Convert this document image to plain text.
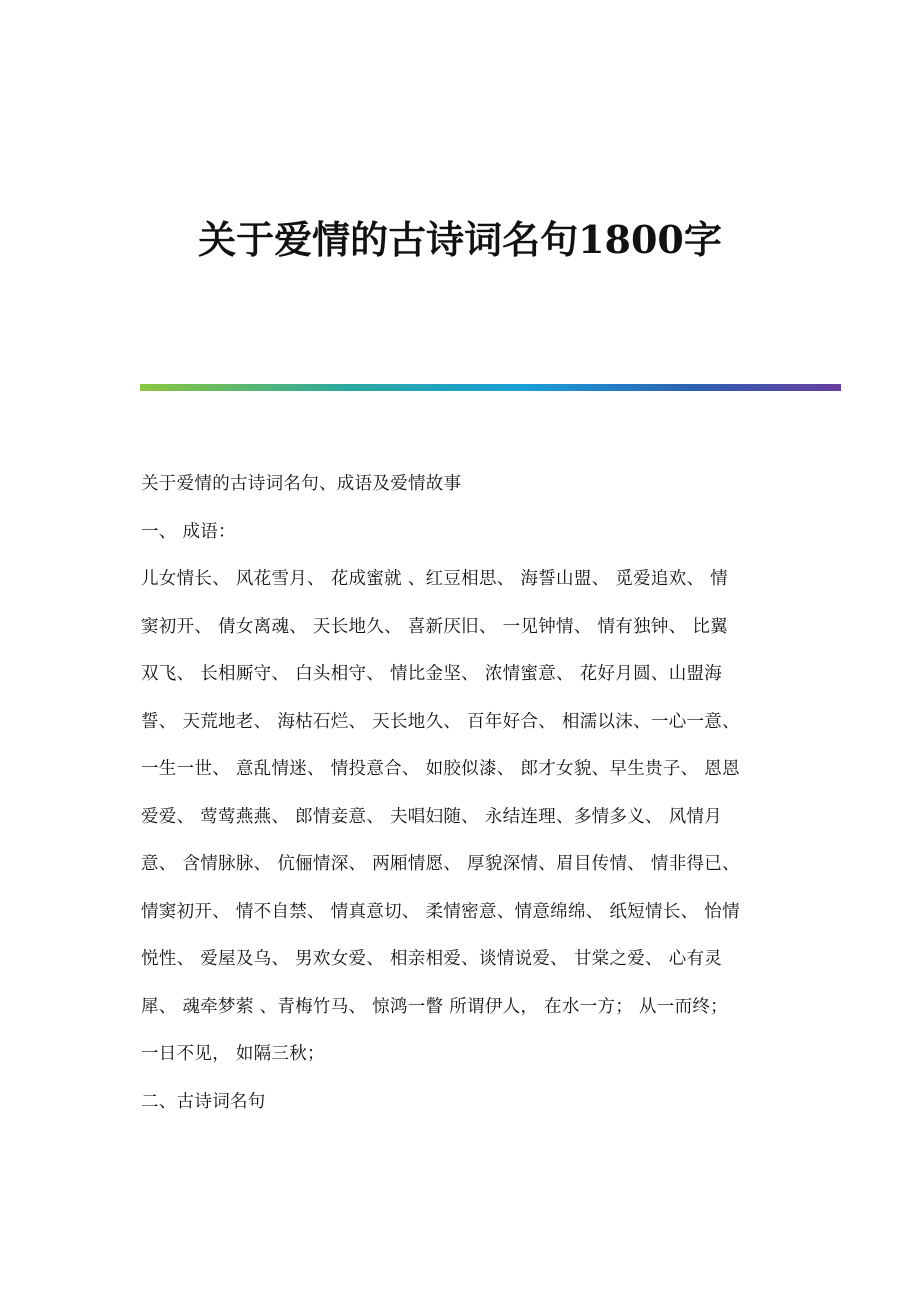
关于爱情的古诗词名句1800字
关于爱情的古诗词名句、成语及爱情故事
一、 成语：
儿女情长、 风花雪月、 花成蜜就 、红豆相思、 海誓山盟、 觅爱追欢、 情
窦初开、 倩女离魂、 天长地久、 喜新厌旧、 一见钟情、 情有独钟、 比翼
双飞、 长相厮守、 白头相守、 情比金坚、 浓情蜜意、 花好月圆、山盟海
誓、 天荒地老、 海枯石烂、 天长地久、 百年好合、 相濡以沫、一心一意、
一生一世、 意乱情迷、 情投意合、 如胶似漆、 郎才女貌、早生贵子、 恩恩
爱爱、 莺莺燕燕、 郎情妾意、 夫唱妇随、 永结连理、多情多义、 风情月
意、 含情脉脉、 伉俪情深、 两厢情愿、 厚貌深情、眉目传情、 情非得已、
情窦初开、 情不自禁、 情真意切、 柔情密意、情意绵绵、 纸短情长、 怡情
悦性、 爱屋及乌、 男欢女爱、 相亲相爱、谈情说爱、 甘棠之爱、 心有灵
犀、 魂牵梦萦 、青梅竹马、 惊鸿一瞥 所谓伊人， 在水一方； 从一而终；
一日不见， 如隔三秋；
二、古诗词名句
